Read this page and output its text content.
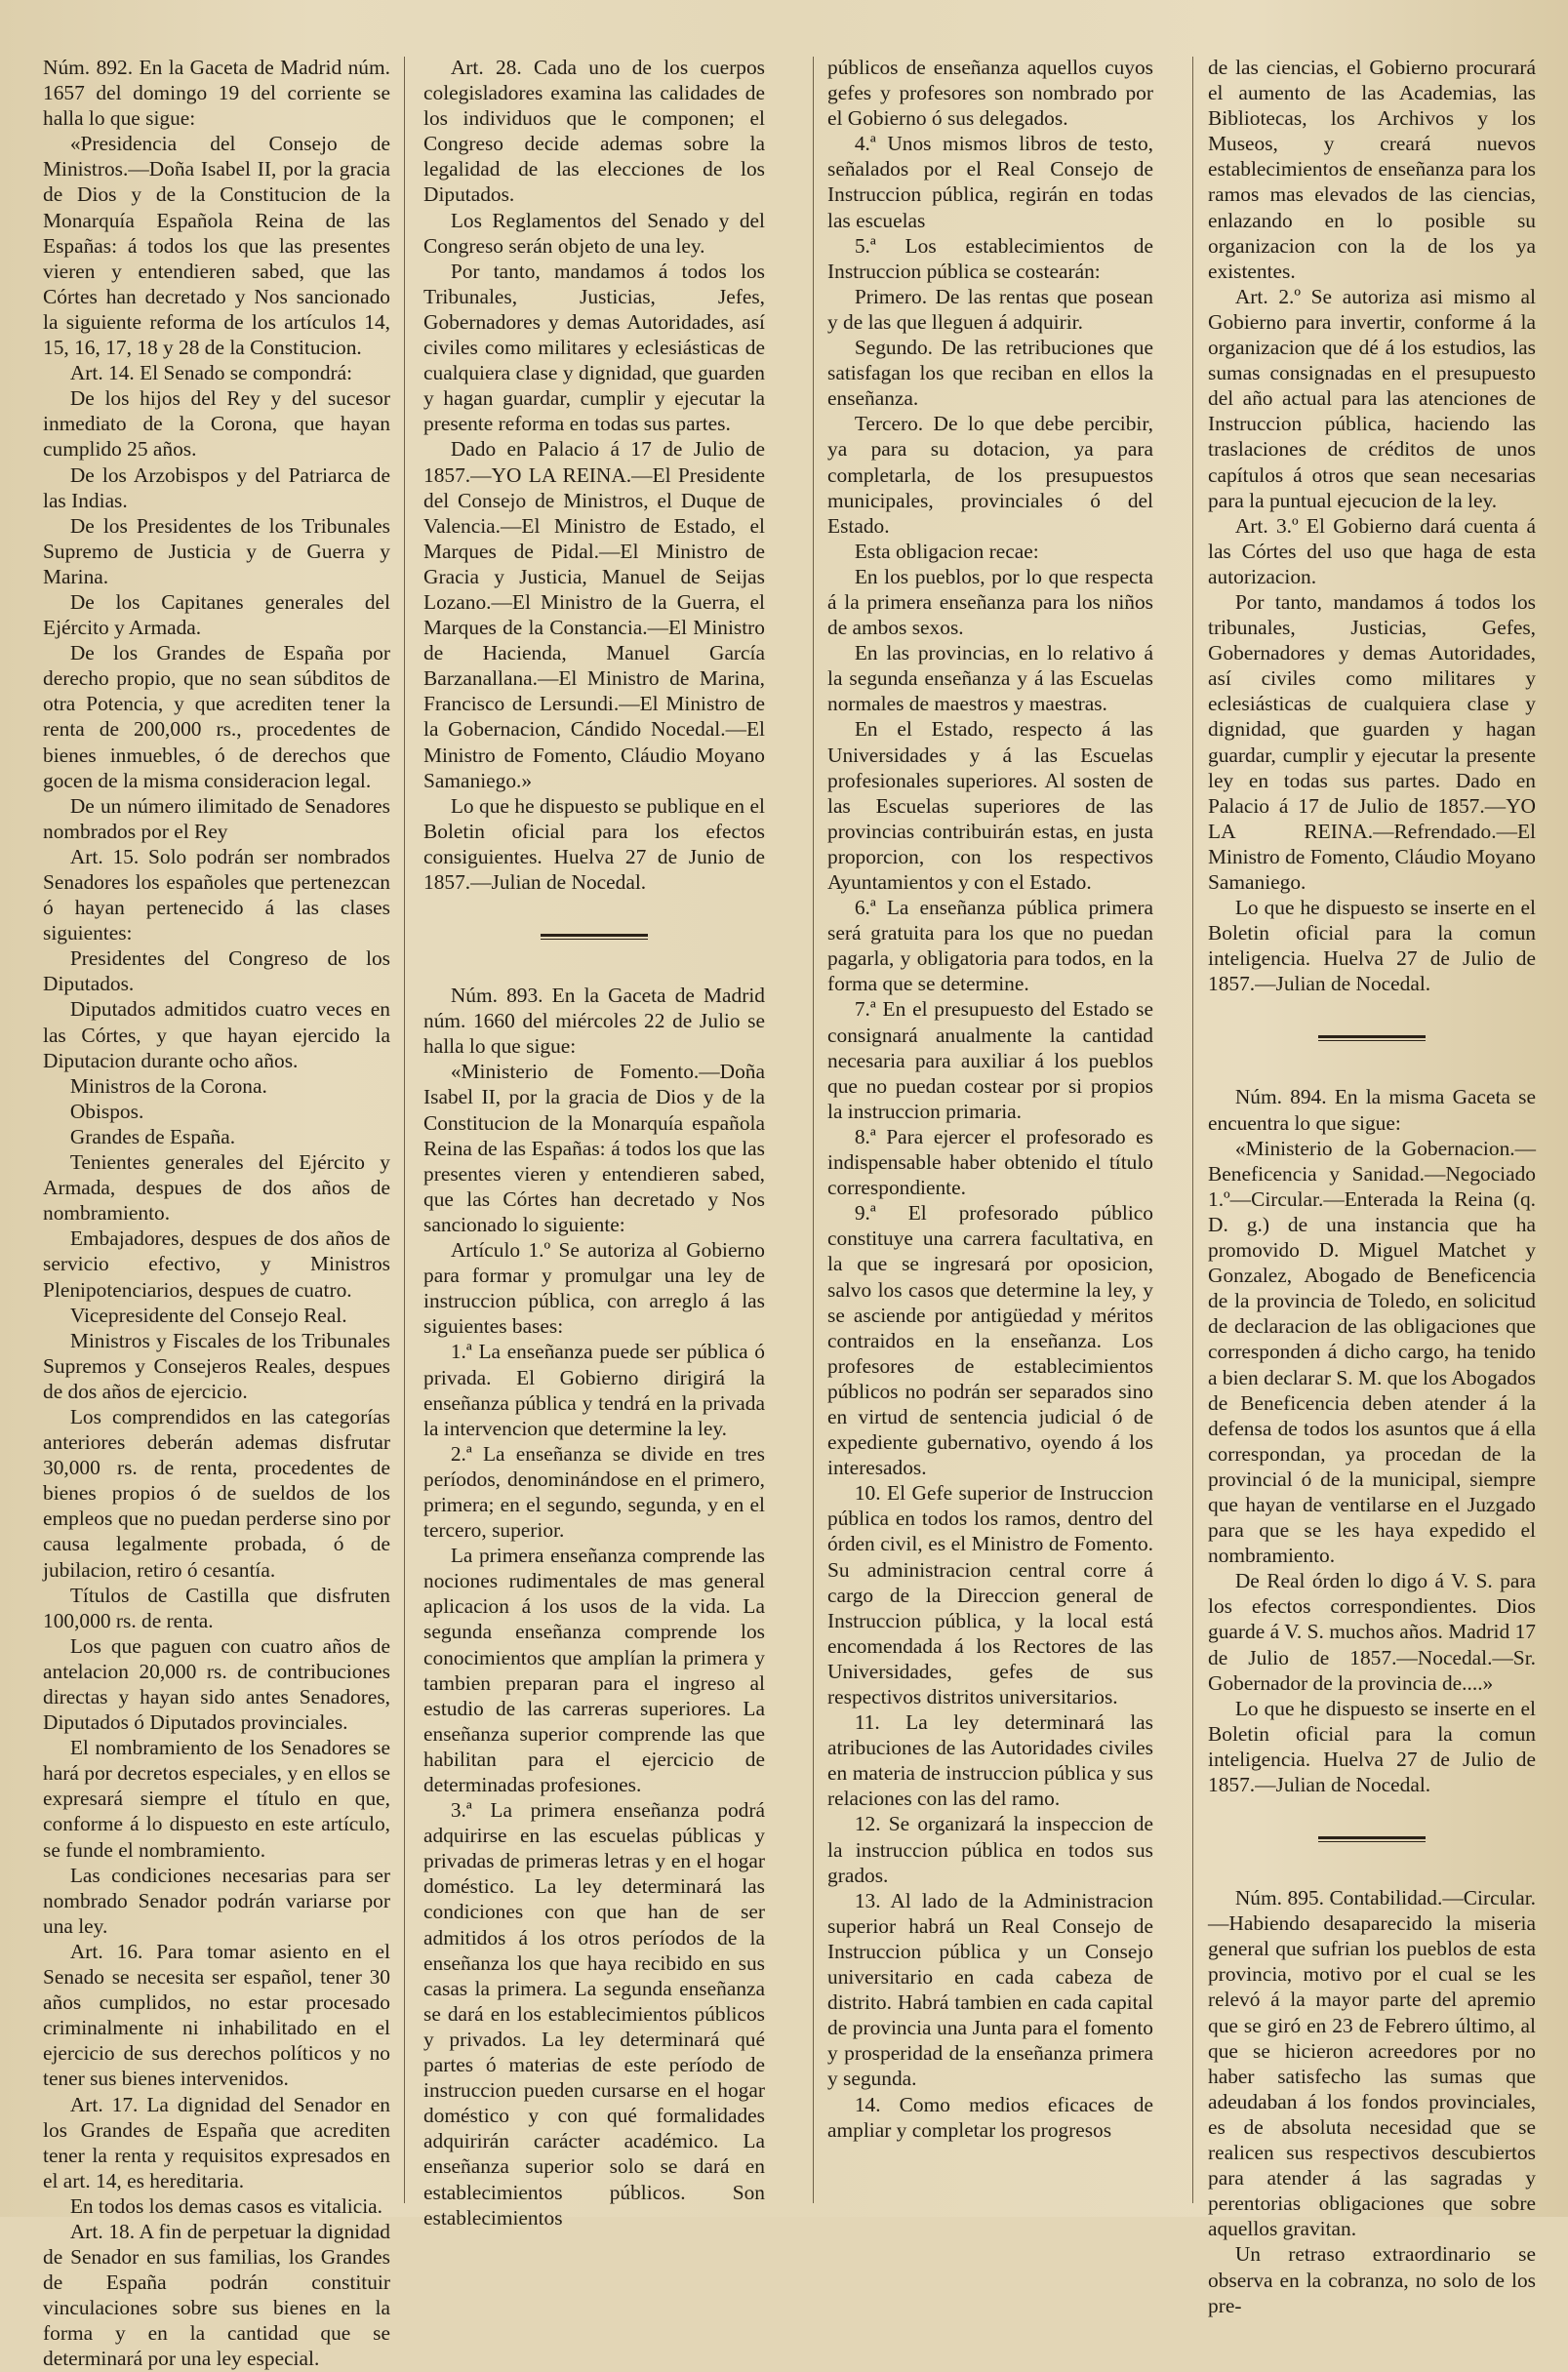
Núm. 892. En la Gaceta de Madrid núm. 1657 del domingo 19 del corriente se halla lo que sigue:

«Presidencia del Consejo de Ministros.—Doña Isabel II, por la gracia de Dios y de la Constitucion de la Monarquía Española Reina de las Españas: á todos los que las presentes vieren y entendieren sabed, que las Córtes han decretado y Nos sancionado la siguiente reforma de los artículos 14, 15, 16, 17, 18 y 28 de la Constitucion.

Art. 14. El Senado se compondrá:

De los hijos del Rey y del sucesor inmediato de la Corona, que hayan cumplido 25 años.

De los Arzobispos y del Patriarca de las Indias.

De los Presidentes de los Tribunales Supremo de Justicia y de Guerra y Marina.

De los Capitanes generales del Ejército y Armada.

De los Grandes de España por derecho propio, que no sean súbditos de otra Potencia, y que acrediten tener la renta de 200,000 rs., procedentes de bienes inmuebles, ó de derechos que gocen de la misma consideracion legal.

De un número ilimitado de Senadores nombrados por el Rey

Art. 15. Solo podrán ser nombrados Senadores los españoles que pertenezcan ó hayan pertenecido á las clases siguientes:

Presidentes del Congreso de los Diputados.

Diputados admitidos cuatro veces en las Córtes, y que hayan ejercido la Diputacion durante ocho años.

Ministros de la Corona.

Obispos.

Grandes de España.

Tenientes generales del Ejército y Armada, despues de dos años de nombramiento.

Embajadores, despues de dos años de servicio efectivo, y Ministros Plenipotenciarios, despues de cuatro.

Vicepresidente del Consejo Real.

Ministros y Fiscales de los Tribunales Supremos y Consejeros Reales, despues de dos años de ejercicio.

Los comprendidos en las categorías anteriores deberán ademas disfrutar 30,000 rs. de renta, procedentes de bienes propios ó de sueldos de los empleos que no puedan perderse sino por causa legalmente probada, ó de jubilacion, retiro ó cesantía.

Títulos de Castilla que disfruten 100,000 rs. de renta.

Los que paguen con cuatro años de antelacion 20,000 rs. de contribuciones directas y hayan sido antes Senadores, Diputados ó Diputados provinciales.

El nombramiento de los Senadores se hará por decretos especiales, y en ellos se expresará siempre el título en que, conforme á lo dispuesto en este artículo, se funde el nombramiento.

Las condiciones necesarias para ser nombrado Senador podrán variarse por una ley.

Art. 16. Para tomar asiento en el Senado se necesita ser español, tener 30 años cumplidos, no estar procesado criminalmente ni inhabilitado en el ejercicio de sus derechos políticos y no tener sus bienes intervenidos.

Art. 17. La dignidad del Senador en los Grandes de España que acrediten tener la renta y requisitos expresados en el art. 14, es hereditaria.

En todos los demas casos es vitalicia.

Art. 18. A fin de perpetuar la dignidad de Senador en sus familias, los Grandes de España podrán constituir vinculaciones sobre sus bienes en la forma y en la cantidad que se determinará por una ley especial.

Art. 28. Cada uno de los cuerpos colegisladores examina las calidades de los individuos que le componen; el Congreso decide ademas sobre la legalidad de las elecciones de los Diputados.

Los Reglamentos del Senado y del Congreso serán objeto de una ley.

Por tanto, mandamos á todos los Tribunales, Justicias, Jefes, Gobernadores y demas Autoridades, así civiles como militares y eclesiásticas de cualquiera clase y dignidad, que guarden y hagan guardar, cumplir y ejecutar la presente reforma en todas sus partes.

Dado en Palacio á 17 de Julio de 1857.—YO LA REINA.—El Presidente del Consejo de Ministros, el Duque de Valencia.—El Ministro de Estado, el Marques de Pidal.—El Ministro de Gracia y Justicia, Manuel de Seijas Lozano.—El Ministro de la Guerra, el Marques de la Constancia.—El Ministro de Hacienda, Manuel García Barzanallana.—El Ministro de Marina, Francisco de Lersundi.—El Ministro de la Gobernacion, Cándido Nocedal.—El Ministro de Fomento, Cláudio Moyano Samaniego.»

Lo que he dispuesto se publique en el Boletin oficial para los efectos consiguientes. Huelva 27 de Junio de 1857.—Julian de Nocedal.

Núm. 893. En la Gaceta de Madrid núm. 1660 del miércoles 22 de Julio se halla lo que sigue:

«Ministerio de Fomento.—Doña Isabel II, por la gracia de Dios y de la Constitucion de la Monarquía española Reina de las Españas: á todos los que las presentes vieren y entendieren sabed, que las Córtes han decretado y Nos sancionado lo siguiente:

Artículo 1.º Se autoriza al Gobierno para formar y promulgar una ley de instruccion pública, con arreglo á las siguientes bases:

1.ª La enseñanza puede ser pública ó privada. El Gobierno dirigirá la enseñanza pública y tendrá en la privada la intervencion que determine la ley.

2.ª La enseñanza se divide en tres períodos, denominándose en el primero, primera; en el segundo, segunda, y en el tercero, superior.

La primera enseñanza comprende las nociones rudimentales de mas general aplicacion á los usos de la vida. La segunda enseñanza comprende los conocimientos que amplían la primera y tambien preparan para el ingreso al estudio de las carreras superiores. La enseñanza superior comprende las que habilitan para el ejercicio de determinadas profesiones.

3.ª La primera enseñanza podrá adquirirse en las escuelas públicas y privadas de primeras letras y en el hogar doméstico. La ley determinará las condiciones con que han de ser admitidos á los otros períodos de la enseñanza los que haya recibido en sus casas la primera. La segunda enseñanza se dará en los establecimientos públicos y privados. La ley determinará qué partes ó materias de este período de instruccion pueden cursarse en el hogar doméstico y con qué formalidades adquirirán carácter académico. La enseñanza superior solo se dará en establecimientos públicos. Son establecimientos

públicos de enseñanza aquellos cuyos gefes y profesores son nombrado por el Gobierno ó sus delegados.

4.ª Unos mismos libros de testo, señalados por el Real Consejo de Instruccion pública, regirán en todas las escuelas

5.ª Los establecimientos de Instruccion pública se costearán:

Primero. De las rentas que posean y de las que lleguen á adquirir.

Segundo. De las retribuciones que satisfagan los que reciban en ellos la enseñanza.

Tercero. De lo que debe percibir, ya para su dotacion, ya para completarla, de los presupuestos municipales, provinciales ó del Estado.

Esta obligacion recae:

En los pueblos, por lo que respecta á la primera enseñanza para los niños de ambos sexos.

En las provincias, en lo relativo á la segunda enseñanza y á las Escuelas normales de maestros y maestras.

En el Estado, respecto á las Universidades y á las Escuelas profesionales superiores. Al sosten de las Escuelas superiores de las provincias contribuirán estas, en justa proporcion, con los respectivos Ayuntamientos y con el Estado.

6.ª La enseñanza pública primera será gratuita para los que no puedan pagarla, y obligatoria para todos, en la forma que se determine.

7.ª En el presupuesto del Estado se consignará anualmente la cantidad necesaria para auxiliar á los pueblos que no puedan costear por si propios la instruccion primaria.

8.ª Para ejercer el profesorado es indispensable haber obtenido el título correspondiente.

9.ª El profesorado público constituye una carrera facultativa, en la que se ingresará por oposicion, salvo los casos que determine la ley, y se asciende por antigüedad y méritos contraidos en la enseñanza. Los profesores de establecimientos públicos no podrán ser separados sino en virtud de sentencia judicial ó de expediente gubernativo, oyendo á los interesados.

10. El Gefe superior de Instruccion pública en todos los ramos, dentro del órden civil, es el Ministro de Fomento. Su administracion central corre á cargo de la Direccion general de Instruccion pública, y la local está encomendada á los Rectores de las Universidades, gefes de sus respectivos distritos universitarios.

11. La ley determinará las atribuciones de las Autoridades civiles en materia de instruccion pública y sus relaciones con las del ramo.

12. Se organizará la inspeccion de la instruccion pública en todos sus grados.

13. Al lado de la Administracion superior habrá un Real Consejo de Instruccion pública y un Consejo universitario en cada cabeza de distrito. Habrá tambien en cada capital de provincia una Junta para el fomento y prosperidad de la enseñanza primera y segunda.

14. Como medios eficaces de ampliar y completar los progresos

de las ciencias, el Gobierno procurará el aumento de las Academias, las Bibliotecas, los Archivos y los Museos, y creará nuevos establecimientos de enseñanza para los ramos mas elevados de las ciencias, enlazando en lo posible su organizacion con la de los ya existentes.

Art. 2.º Se autoriza asi mismo al Gobierno para invertir, conforme á la organizacion que dé á los estudios, las sumas consignadas en el presupuesto del año actual para las atenciones de Instruccion pública, haciendo las traslaciones de créditos de unos capítulos á otros que sean necesarias para la puntual ejecucion de la ley.

Art. 3.º El Gobierno dará cuenta á las Córtes del uso que haga de esta autorizacion.

Por tanto, mandamos á todos los tribunales, Justicias, Gefes, Gobernadores y demas Autoridades, así civiles como militares y eclesiásticas de cualquiera clase y dignidad, que guarden y hagan guardar, cumplir y ejecutar la presente ley en todas sus partes. Dado en Palacio á 17 de Julio de 1857.—YO LA REINA.—Refrendado.—El Ministro de Fomento, Cláudio Moyano Samaniego.

Lo que he dispuesto se inserte en el Boletin oficial para la comun inteligencia. Huelva 27 de Julio de 1857.—Julian de Nocedal.

Núm. 894. En la misma Gaceta se encuentra lo que sigue:

«Ministerio de la Gobernacion.—Beneficencia y Sanidad.—Negociado 1.º—Circular.—Enterada la Reina (q. D. g.) de una instancia que ha promovido D. Miguel Matchet y Gonzalez, Abogado de Beneficencia de la provincia de Toledo, en solicitud de declaracion de las obligaciones que corresponden á dicho cargo, ha tenido a bien declarar S. M. que los Abogados de Beneficencia deben atender á la defensa de todos los asuntos que á ella correspondan, ya procedan de la provincial ó de la municipal, siempre que hayan de ventilarse en el Juzgado para que se les haya expedido el nombramiento.

De Real órden lo digo á V. S. para los efectos correspondientes. Dios guarde á V. S. muchos años. Madrid 17 de Julio de 1857.—Nocedal.—Sr. Gobernador de la provincia de....»

Lo que he dispuesto se inserte en el Boletin oficial para la comun inteligencia. Huelva 27 de Julio de 1857.—Julian de Nocedal.

Núm. 895. Contabilidad.—Circular.—Habiendo desaparecido la miseria general que sufrian los pueblos de esta provincia, motivo por el cual se les relevó á la mayor parte del apremio que se giró en 23 de Febrero último, al que se hicieron acreedores por no haber satisfecho las sumas que adeudaban á los fondos provinciales, es de absoluta necesidad que se realicen sus respectivos descubiertos para atender á las sagradas y perentorias obligaciones que sobre aquellos gravitan.

Un retraso extraordinario se observa en la cobranza, no solo de los pre-
